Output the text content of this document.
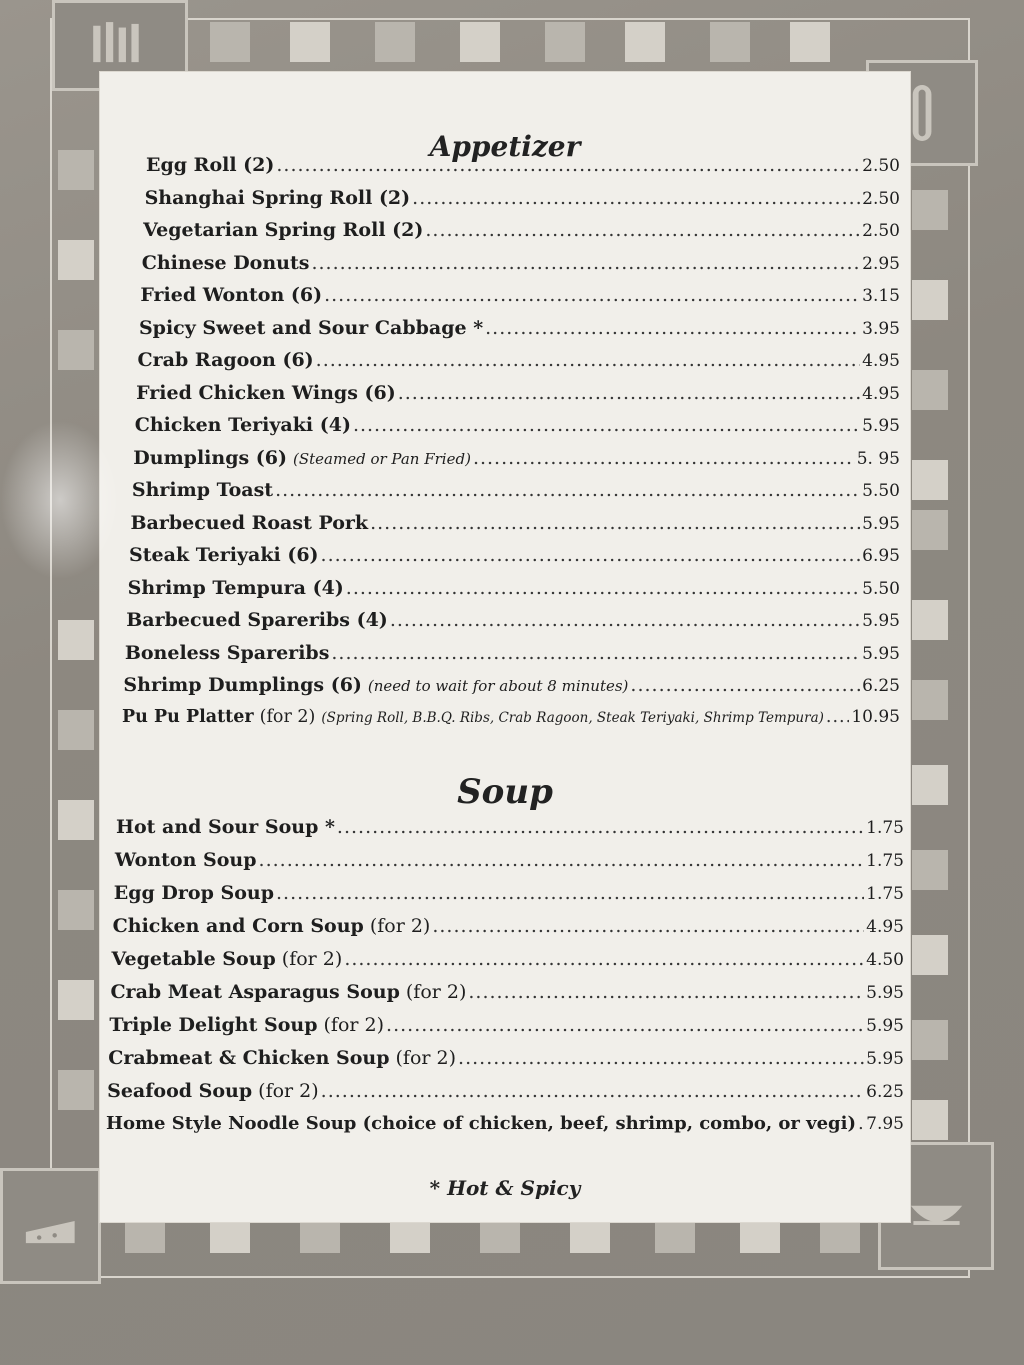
Appetizer
Egg Roll (2) .....	2.50
Shanghai Spring Roll (2) .....	2.50
Vegetarian Spring Roll (2) .....	2.50
Chinese Donuts .....	2.95
Fried Wonton (6) .....	3.15
Spicy Sweet and Sour Cabbage * .....	3.95
Crab Ragoon (6) .....	4.95
Fried Chicken Wings (6) .....	4.95
Chicken Teriyaki (4) .....	5.95
Dumplings (6) (Steamed or Pan Fried) .....	5. 95
Shrimp Toast .....	5.50
Barbecued Roast Pork .....	5.95
Steak Teriyaki (6) .....	6.95
Shrimp Tempura (4) .....	5.50
Barbecued Spareribs (4) .....	5.95
Boneless Spareribs .....	5.95
Shrimp Dumplings (6) (need to wait for about 8 minutes) .....	6.25
Pu Pu Platter (for 2) (Spring Roll, B.B.Q. Ribs, Crab Ragoon, Steak Teriyaki, Shrimp Tempura) ..... 10.95
Soup
Hot and Sour Soup * .....	1.75
Wonton Soup .....	1.75
Egg Drop Soup .....	1.75
Chicken and Corn Soup (for 2) .....	4.95
Vegetable Soup (for 2) .....	4.50
Crab Meat Asparagus Soup (for 2) .....	5.95
Triple Delight Soup (for 2) .....	5.95
Crabmeat & Chicken Soup (for 2) .....	5.95
Seafood Soup (for 2) .....	6.25
Home Style Noodle Soup (choice of chicken, beef, shrimp, combo, or vegi) ..... 7.95
* Hot & Spicy
